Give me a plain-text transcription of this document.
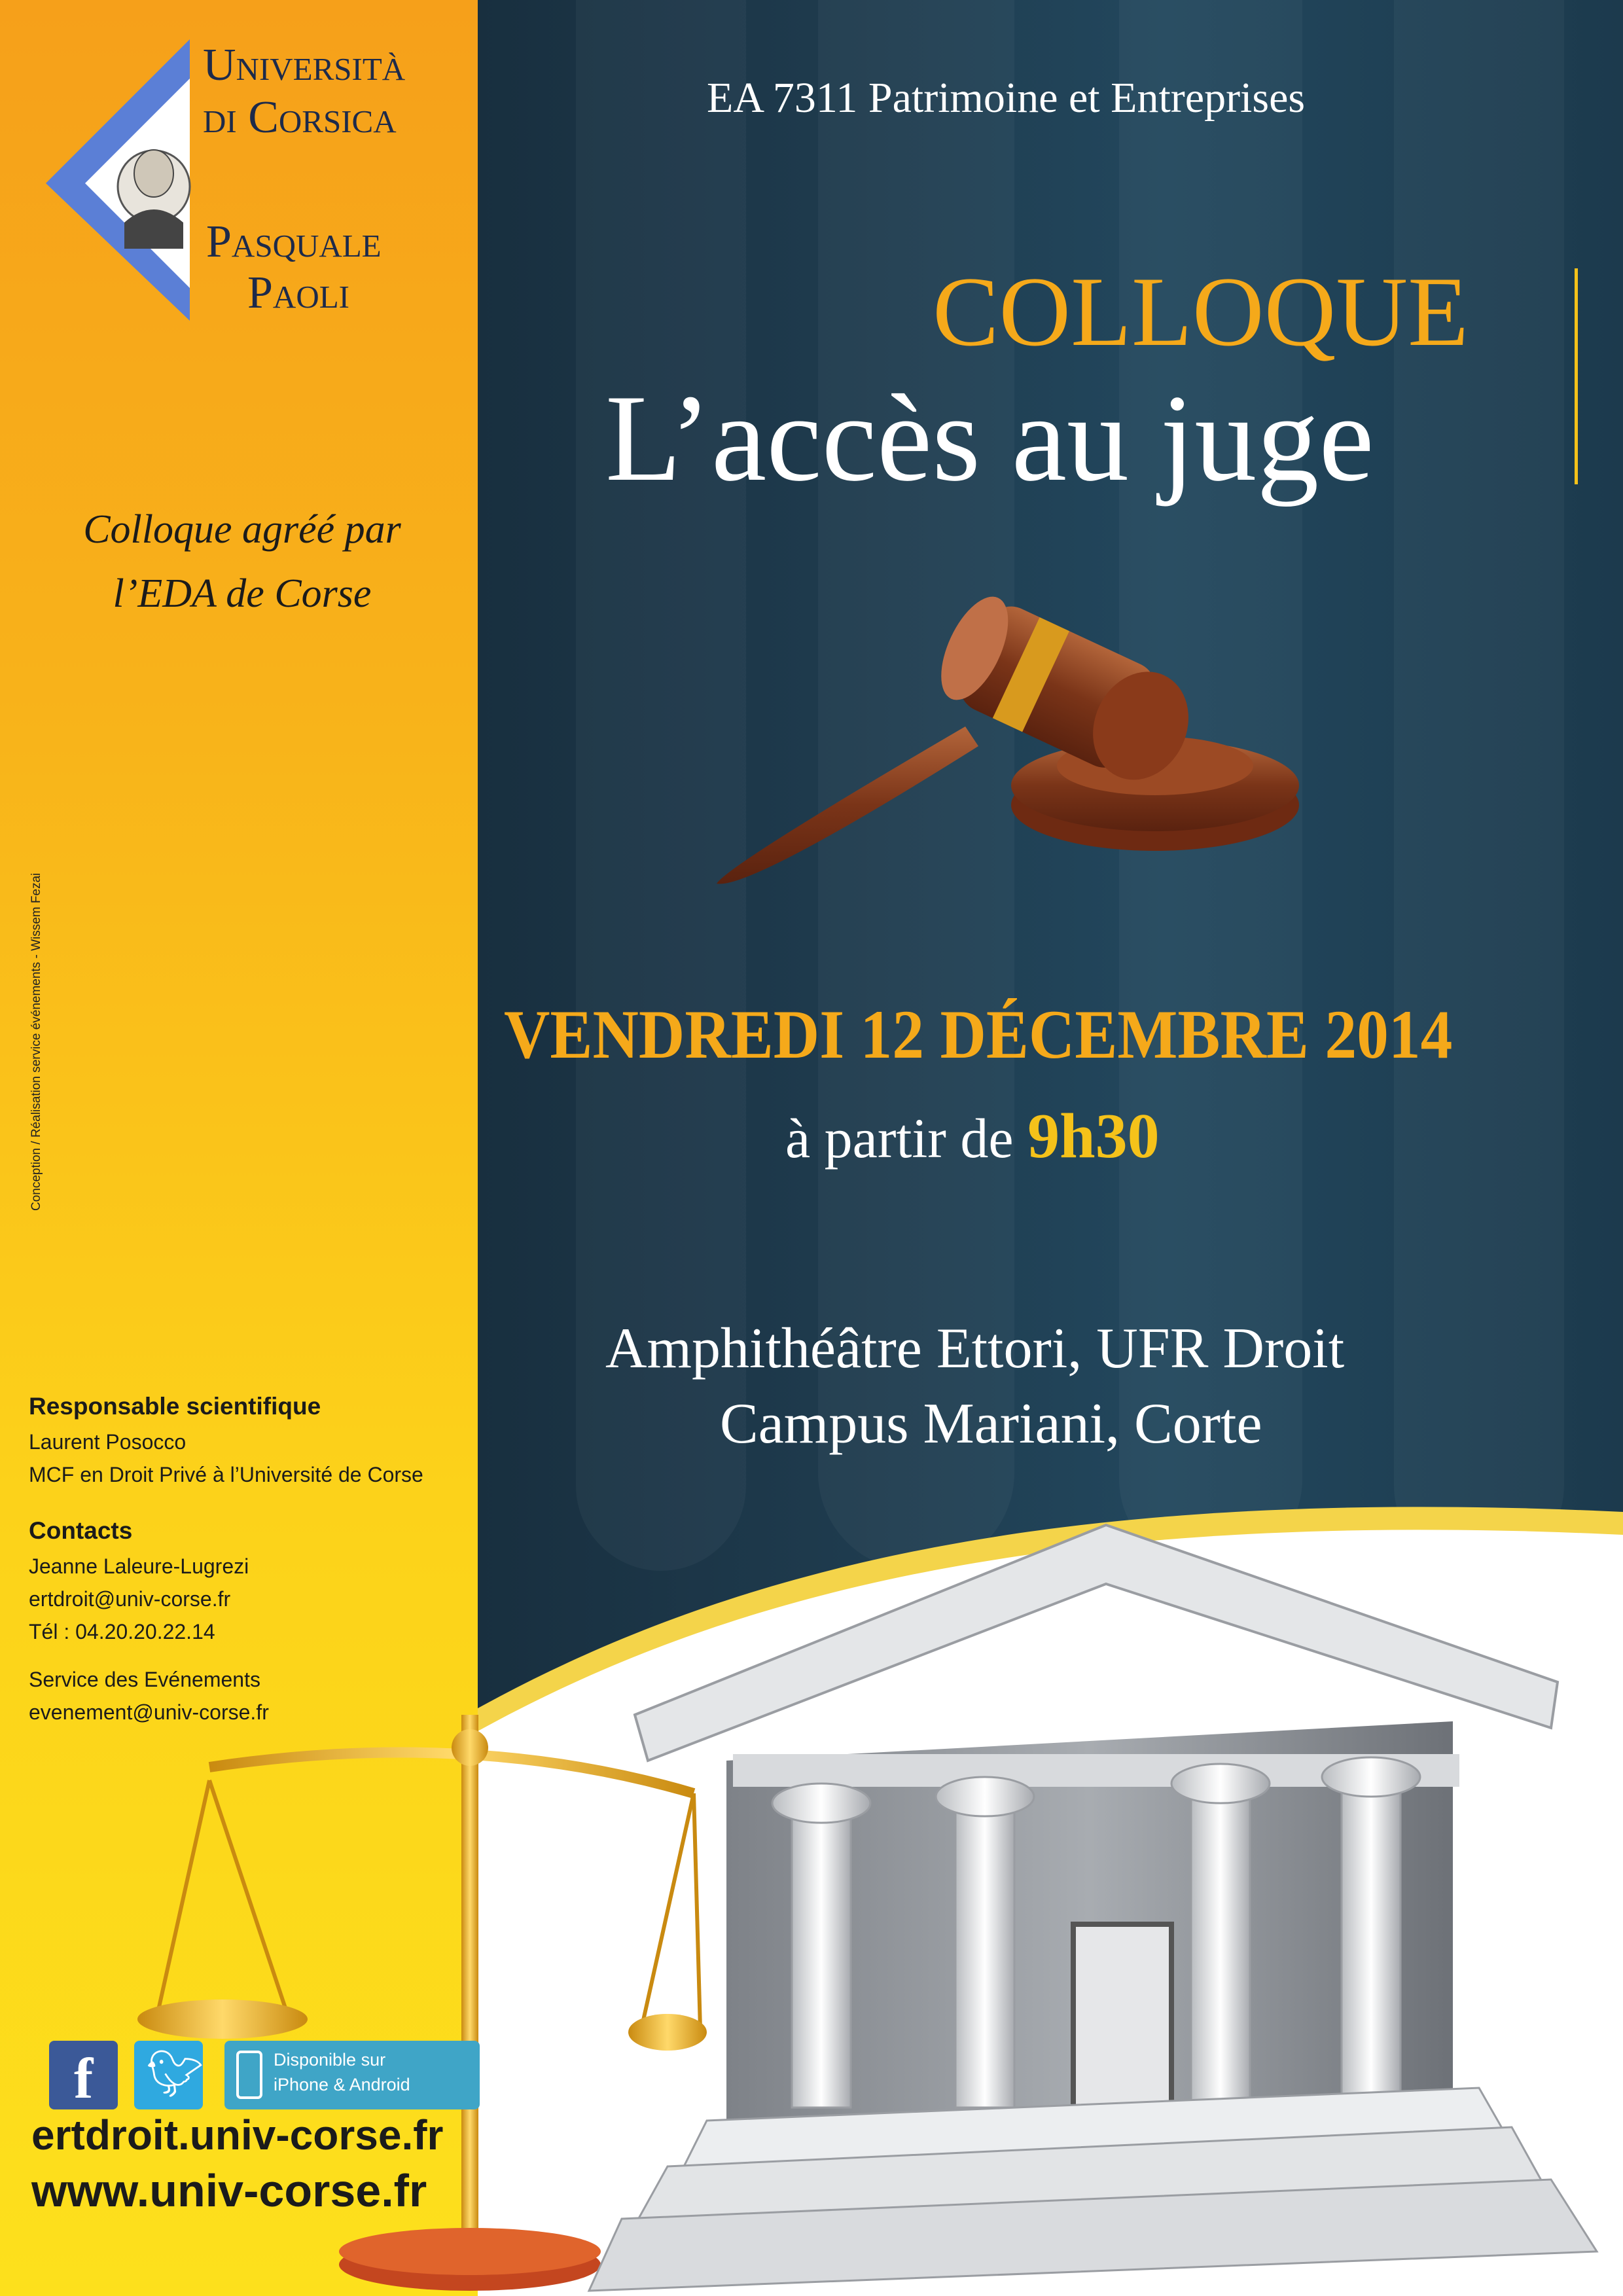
Università
di Corsica
Pasquale
Paoli
Colloque agréé par l’EDA de Corse
Conception / Réalisation service événements - Wissem Fezai
Responsable scientifique
Laurent Posocco
MCF en Droit Privé à l’Université de Corse
Contacts
Jeanne Laleure-Lugrezi
ertdroit@univ-corse.fr
Tél : 04.20.20.22.14
Service des Evénements
evenement@univ-corse.fr
f 🐦︎	Disponible sur
iPhone & Android
ertdroit.univ-corse.fr
www.univ-corse.fr
EA 7311 Patrimoine et Entreprises
COLLOQUE
L’accès au juge
VENDREDI 12 DÉCEMBRE 2014
à partir de 9h30
Amphithéâtre Ettori, UFR Droit
Campus Mariani, Corte
